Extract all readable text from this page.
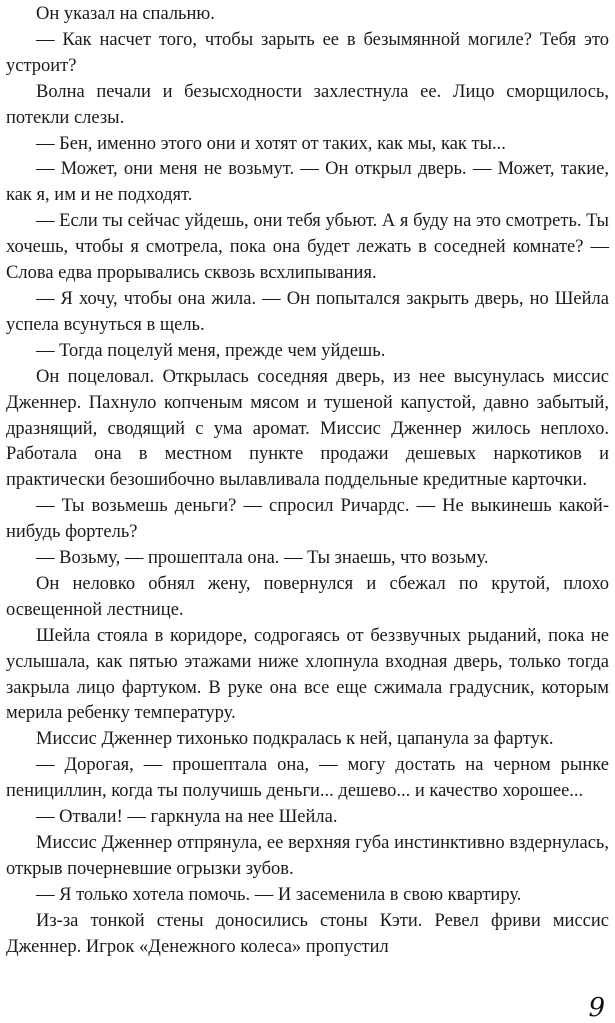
Он указал на спальню.

— Как насчет того, чтобы зарыть ее в безымянной могиле? Тебя это устроит?

Волна печали и безысходности захлестнула ее. Лицо сморщилось, потекли слезы.

— Бен, именно этого они и хотят от таких, как мы, как ты...

— Может, они меня не возьмут. — Он открыл дверь. — Может, такие, как я, им и не подходят.

— Если ты сейчас уйдешь, они тебя убьют. А я буду на это смотреть. Ты хочешь, чтобы я смотрела, пока она будет лежать в соседней комнате? — Слова едва прорывались сквозь всхлипывания.

— Я хочу, чтобы она жила. — Он попытался закрыть дверь, но Шейла успела всунуться в щель.

— Тогда поцелуй меня, прежде чем уйдешь.

Он поцеловал. Открылась соседняя дверь, из нее высунулась миссис Дженнер. Пахнуло копченым мясом и тушеной капустой, давно забытый, дразнящий, сводящий с ума аромат. Миссис Дженнер жилось неплохо. Работала она в местном пункте продажи дешевых наркотиков и практически безошибочно вылавливала поддельные кредитные карточки.

— Ты возьмешь деньги? — спросил Ричардс. — Не выкинешь какой-нибудь фортель?

— Возьму, — прошептала она. — Ты знаешь, что возьму.

Он неловко обнял жену, повернулся и сбежал по крутой, плохо освещенной лестнице.

Шейла стояла в коридоре, содрогаясь от беззвучных рыданий, пока не услышала, как пятью этажами ниже хлопнула входная дверь, только тогда закрыла лицо фартуком. В руке она все еще сжимала градусник, которым мерила ребенку температуру.

Миссис Дженнер тихонько подкралась к ней, цапанула за фартук.

— Дорогая, — прошептала она, — могу достать на черном рынке пенициллин, когда ты получишь деньги... дешево... и качество хорошее...

— Отвали! — гаркнула на нее Шейла.

Миссис Дженнер отпрянула, ее верхняя губа инстинктивно вздернулась, открыв почерневшие огрызки зубов.

— Я только хотела помочь. — И засеменила в свою квартиру.

Из-за тонкой стены доносились стоны Кэти. Ревел фриви миссис Дженнер. Игрок «Денежного колеса» пропустил

9
